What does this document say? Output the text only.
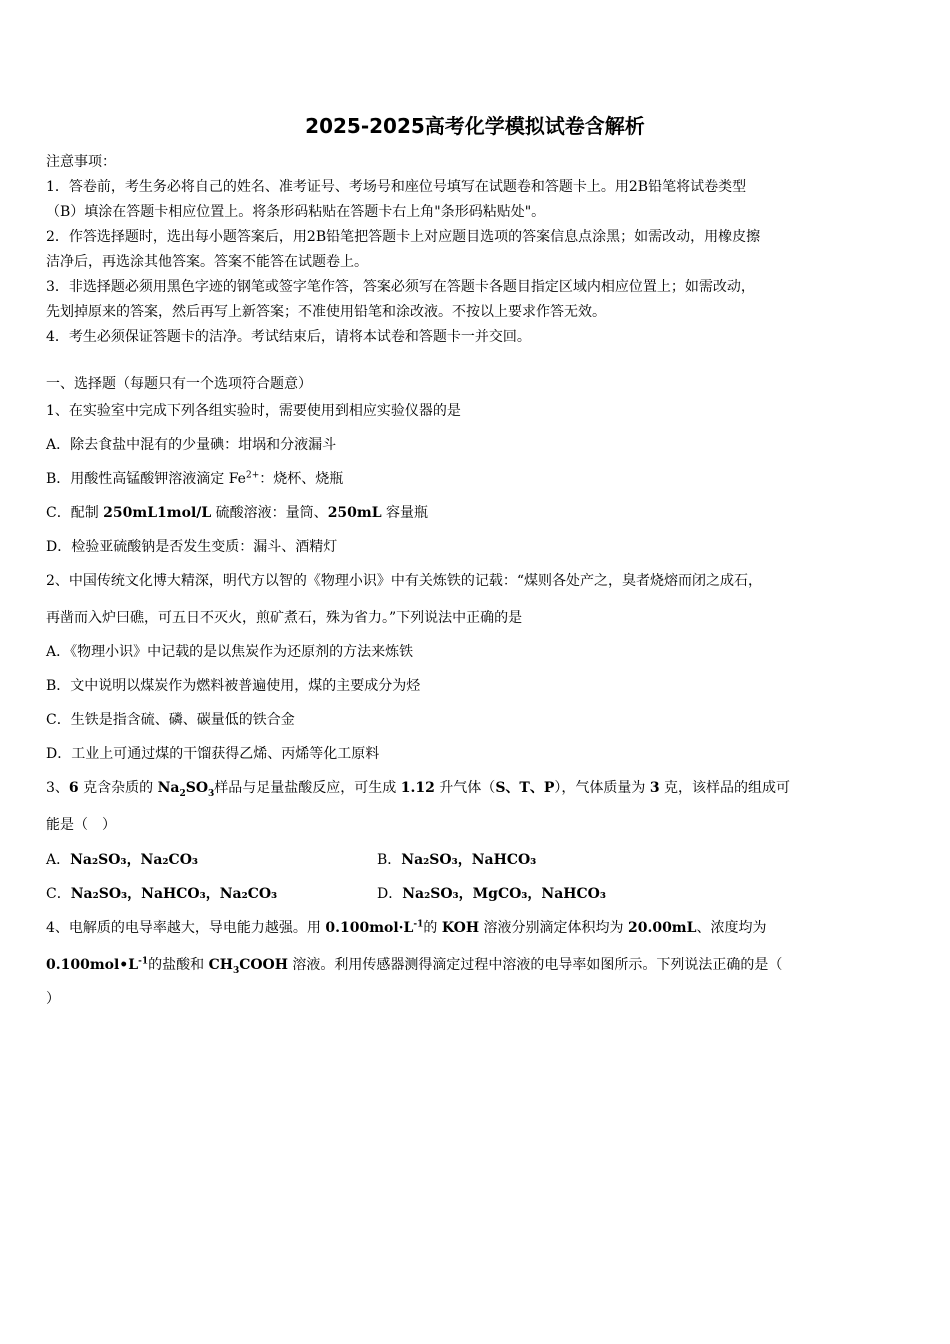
2025-2025高考化学模拟试卷含解析
注意事项：
1．答卷前，考生务必将自己的姓名、准考证号、考场号和座位号填写在试题卷和答题卡上。用2B铅笔将试卷类型
（B）填涂在答题卡相应位置上。将条形码粘贴在答题卡右上角"条形码粘贴处"。
2．作答选择题时，选出每小题答案后，用2B铅笔把答题卡上对应题目选项的答案信息点涂黑；如需改动，用橡皮擦
洁净后，再选涂其他答案。答案不能答在试题卷上。
3．非选择题必须用黑色字迹的钢笔或签字笔作答，答案必须写在答题卡各题目指定区域内相应位置上；如需改动，
先划掉原来的答案，然后再写上新答案；不准使用铅笔和涂改液。不按以上要求作答无效。
4．考生必须保证答题卡的洁净。考试结束后，请将本试卷和答题卡一并交回。
一、选择题（每题只有一个选项符合题意）
1、在实验室中完成下列各组实验时，需要使用到相应实验仪器的是
A．除去食盐中混有的少量碘：坩埚和分液漏斗
B．用酸性高锰酸钾溶液滴定 $Fe^{2+}$：烧杯、烧瓶
C．配制 250mL1mol/L 硫酸溶液：量筒、250mL 容量瓶
D．检验亚硫酸钠是否发生变质：漏斗、酒精灯
2、中国传统文化博大精深，明代方以智的《物理小识》中有关炼铁的记载：“煤则各处产之，臭者烧熔而闭之成石，
再凿而入炉曰礁，可五日不灭火，煎矿煮石，殊为省力。”下列说法中正确的是
A．《物理小识》中记载的是以焦炭作为还原剂的方法来炼铁
B．文中说明以煤炭作为燃料被普遍使用，煤的主要成分为烃
C．生铁是指含硫、磷、碳量低的铁合金
D．工业上可通过煤的干馏获得乙烯、丙烯等化工原料
3、6 克含杂质的 $Na_2SO_3$样品与足量盐酸反应，可生成 1.12 升气体（S、T、P），气体质量为 3 克，该样品的组成可
能是（　）
A．Na₂SO₃，Na₂CO₃	B．Na₂SO₃，NaHCO₃
C．Na₂SO₃，NaHCO₃，Na₂CO₃	D．Na₂SO₃，MgCO₃，NaHCO₃
4、电解质的电导率越大，导电能力越强。用 $0.100mol\cdot L^{-1}$的 KOH 溶液分别滴定体积均为 20.00mL、浓度均为
$0.100mol•L^{-1}$的盐酸和 $CH_3COOH$ 溶液。利用传感器测得滴定过程中溶液的电导率如图所示。下列说法正确的是（
）
